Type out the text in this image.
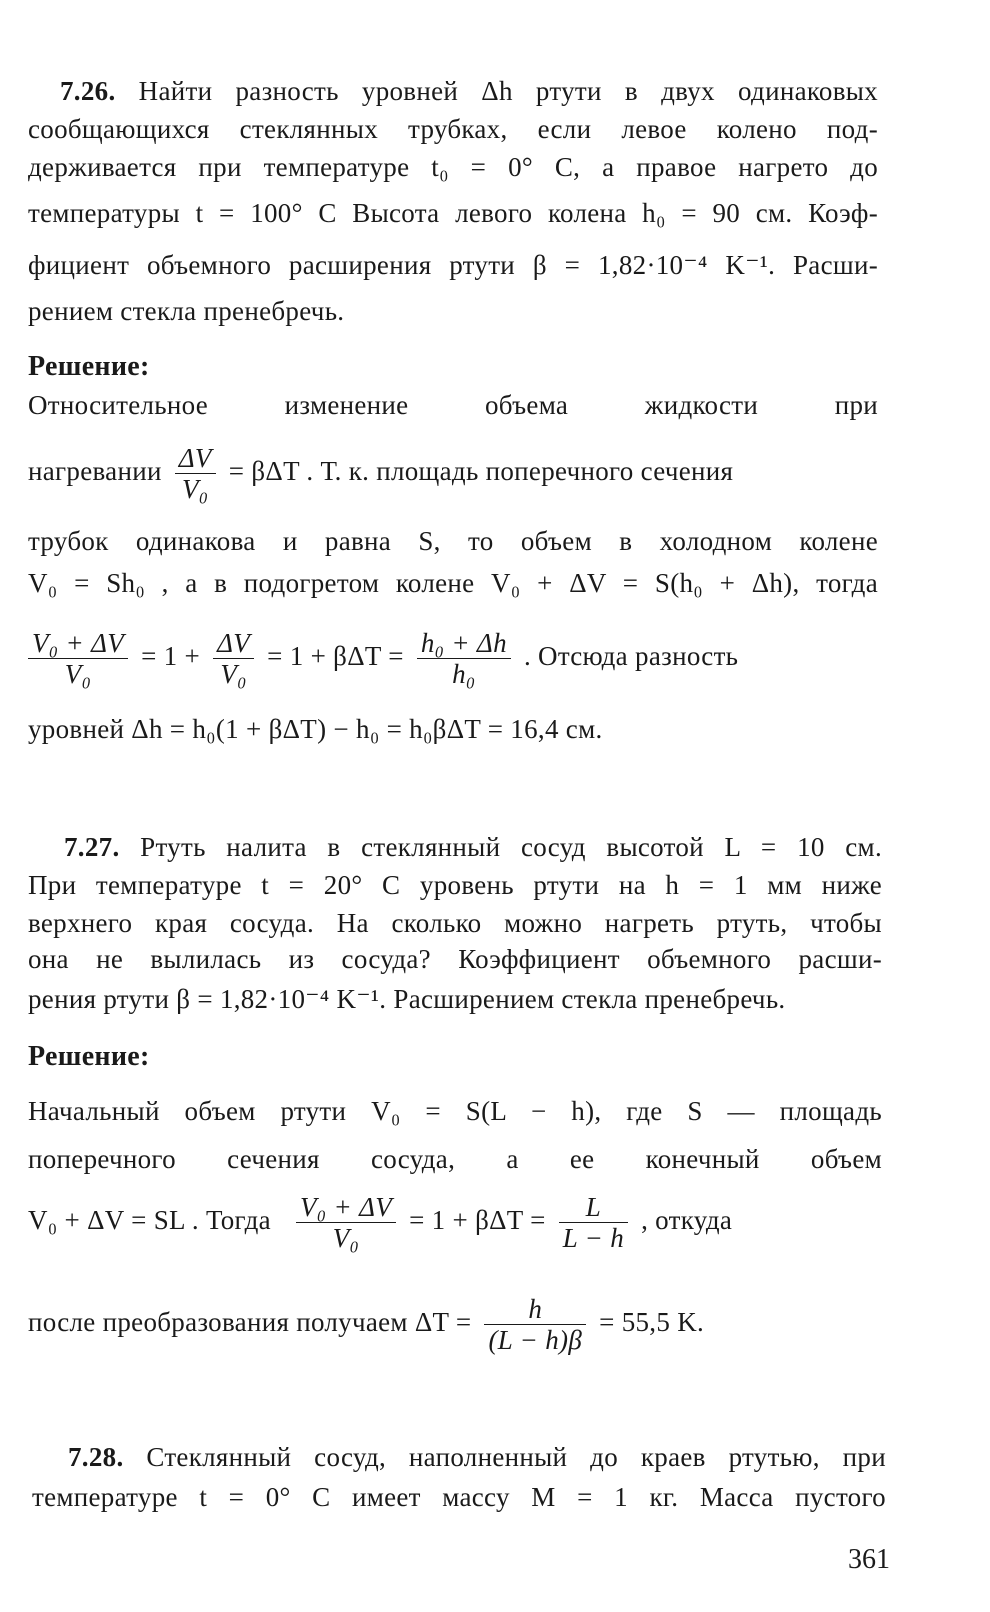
7.26. Найти разность уровней Δh ртути в двух одинаковых
сообщающихся стеклянных трубках, если левое колено под-
держивается при температуре t₀ = 0° C, а правое нагрето до
температуры t = 100° C Высота левого колена h₀ = 90 см. Коэф-
фициент объемного расширения ртути β = 1,82·10⁻⁴ K⁻¹. Расши-
рением стекла пренебречь.
Решение:
Относительное изменение объема жидкости при
нагревании $\frac{\Delta V}{\text{V₀}} = \beta\Delta T$ . Т. к. площадь поперечного сечения
трубок одинакова и равна S, то объем в холодном колене
V₀ = Sh₀ , а в подогретом колене V₀ + ΔV = S(h₀ + Δh), тогда
$\frac{\text{V₀ + ΔV}}{\text{V₀}} = 1 + \frac{\Delta V}{\text{V₀}} = 1 + \beta\Delta T = \frac{\text{h₀ + Δh}}{\text{h₀}}$ . Отсюда разность
уровней Δh = h₀(1 + βΔT) − h₀ = h₀βΔT = 16,4 см.
7.27. Ртуть налита в стеклянный сосуд высотой L = 10 см.
При температуре t = 20° C уровень ртути на h = 1 мм ниже
верхнего края сосуда. На сколько можно нагреть ртуть, чтобы
она не вылилась из сосуда? Коэффициент объемного расши-
рения ртути β = 1,82·10⁻⁴ K⁻¹. Расширением стекла пренебречь.
Решение:
Начальный объем ртути V₀ = S(L − h), где S — площадь
поперечного сечения сосуда, а ее конечный объем
V₀ + ΔV = SL . Тогда $\frac{\text{V₀ + ΔV}}{\text{V₀}} = 1 + \beta\Delta T = \frac{L}{L - h}$ , откуда
после преобразования получаем $\Delta T = \frac{h}{(L - h)\beta} = 55,5$ K.
7.28. Стеклянный сосуд, наполненный до краев ртутью, при
температуре t = 0° C имеет массу M = 1 кг. Масса пустого
361
